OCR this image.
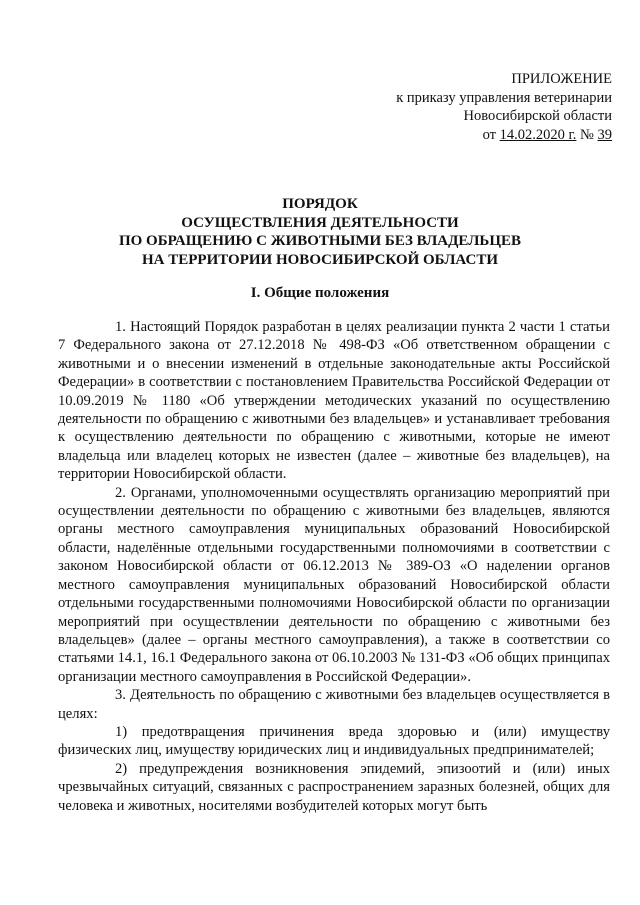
ПРИЛОЖЕНИЕ
к приказу управления ветеринарии
Новосибирской области
от 14.02.2020 г. № 39
ПОРЯДОК
ОСУЩЕСТВЛЕНИЯ ДЕЯТЕЛЬНОСТИ
ПО ОБРАЩЕНИЮ С ЖИВОТНЫМИ БЕЗ ВЛАДЕЛЬЦЕВ
НА ТЕРРИТОРИИ НОВОСИБИРСКОЙ ОБЛАСТИ
I. Общие положения

1. Настоящий Порядок разработан в целях реализации пункта 2 части 1 статьи 7 Федерального закона от 27.12.2018 № 498-ФЗ «Об ответственном обращении с животными и о внесении изменений в отдельные законодательные акты Российской Федерации» в соответствии с постановлением Правительства Российской Федерации от 10.09.2019 № 1180 «Об утверждении методических указаний по осуществлению деятельности по обращению с животными без владельцев» и устанавливает требования к осуществлению деятельности по обращению с животными, которые не имеют владельца или владелец которых не известен (далее – животные без владельцев), на территории Новосибирской области.

2. Органами, уполномоченными осуществлять организацию мероприятий при осуществлении деятельности по обращению с животными без владельцев, являются органы местного самоуправления муниципальных образований Новосибирской области, наделённые отдельными государственными полномочиями в соответствии с законом Новосибирской области от 06.12.2013 № 389-ОЗ «О наделении органов местного самоуправления муниципальных образований Новосибирской области отдельными государственными полномочиями Новосибирской области по организации мероприятий при осуществлении деятельности по обращению с животными без владельцев» (далее – органы местного самоуправления), а также в соответствии со статьями 14.1, 16.1 Федерального закона от 06.10.2003 № 131-ФЗ «Об общих принципах организации местного самоуправления в Российской Федерации».

3. Деятельность по обращению с животными без владельцев осуществляется в целях:

1) предотвращения причинения вреда здоровью и (или) имуществу физических лиц, имуществу юридических лиц и индивидуальных предпринимателей;

2) предупреждения возникновения эпидемий, эпизоотий и (или) иных чрезвычайных ситуаций, связанных с распространением заразных болезней, общих для человека и животных, носителями возбудителей которых могут быть
